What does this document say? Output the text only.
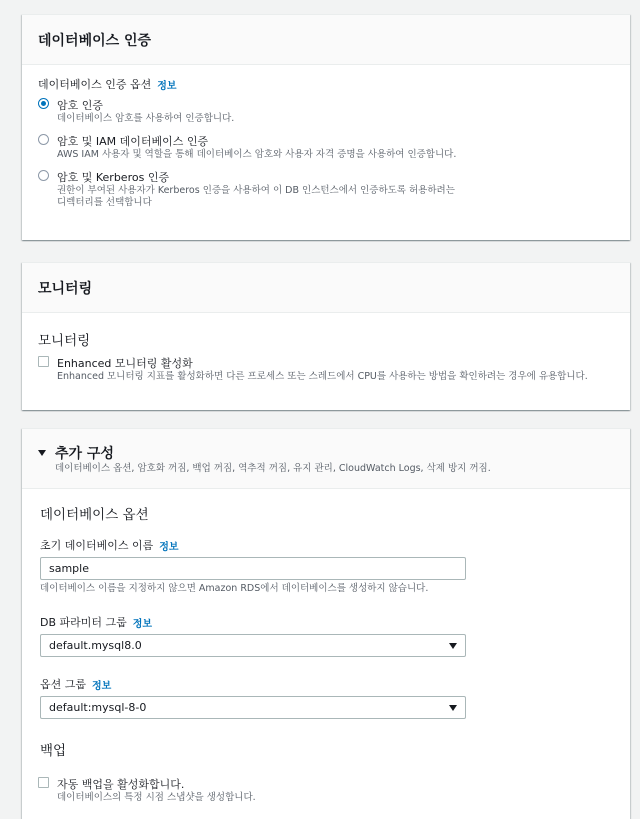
데이터베이스 인증
데이터베이스 인증 옵션 정보
암호 인증
데이터베이스 암호를 사용하여 인증합니다.
암호 및 IAM 데이터베이스 인증
AWS IAM 사용자 및 역할을 통해 데이터베이스 암호와 사용자 자격 증명을 사용하여 인증합니다.
암호 및 Kerberos 인증
권한이 부여된 사용자가 Kerberos 인증을 사용하여 이 DB 인스턴스에서 인증하도록 허용하려는
디렉터리를 선택합니다
모니터링
모니터링
Enhanced 모니터링 활성화
Enhanced 모니터링 지표를 활성화하면 다른 프로세스 또는 스레드에서 CPU를 사용하는 방법을 확인하려는 경우에 유용합니다.
추가 구성
데이터베이스 옵션, 암호화 꺼짐, 백업 꺼짐, 역추적 꺼짐, 유지 관리, CloudWatch Logs, 삭제 방지 꺼짐.
데이터베이스 옵션
초기 데이터베이스 이름 정보
sample
데이터베이스 이름을 지정하지 않으면 Amazon RDS에서 데이터베이스를 생성하지 않습니다.
DB 파라미터 그룹 정보
default.mysql8.0
옵션 그룹 정보
default:mysql-8-0
백업
자동 백업을 활성화합니다.
데이터베이스의 특정 시점 스냅샷을 생성합니다.
